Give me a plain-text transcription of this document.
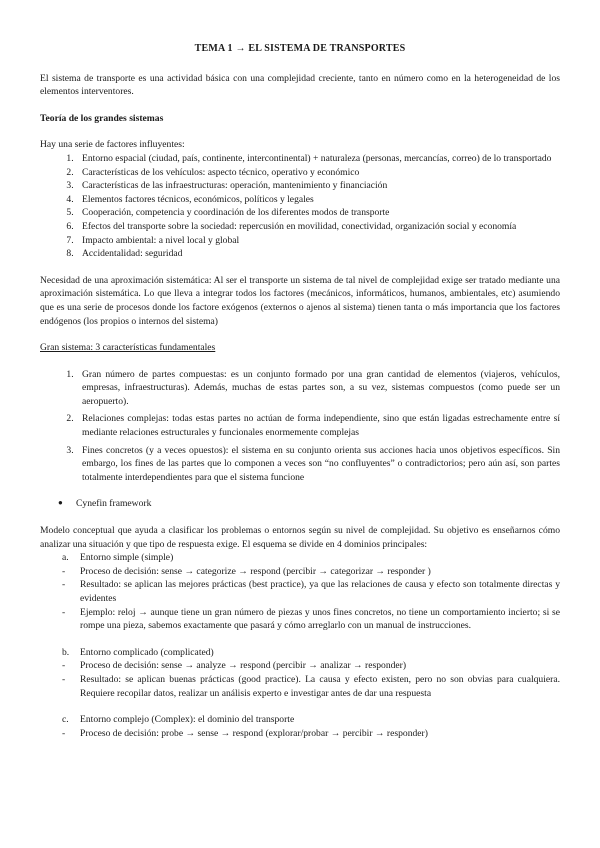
TEMA 1 → EL SISTEMA DE TRANSPORTES

El sistema de transporte es una actividad básica con una complejidad creciente, tanto en número como en la heterogeneidad de los elementos interventores.

Teoría de los grandes sistemas

Hay una serie de factores influyentes:

1. Entorno espacial (ciudad, país, continente, intercontinental) + naturaleza (personas, mercancías, correo) de lo transportado
2. Características de los vehículos: aspecto técnico, operativo y económico
3. Características de las infraestructuras: operación, mantenimiento y financiación
4. Elementos factores técnicos, económicos, políticos y legales
5. Cooperación, competencia y coordinación de los diferentes modos de transporte
6. Efectos del transporte sobre la sociedad: repercusión en movilidad, conectividad, organización social y economía
7. Impacto ambiental: a nivel local y global
8. Accidentalidad: seguridad

Necesidad de una aproximación sistemática: Al ser el transporte un sistema de tal nivel de complejidad exige ser tratado mediante una aproximación sistemática. Lo que lleva a integrar todos los factores (mecánicos, informáticos, humanos, ambientales, etc) asumiendo que es una serie de procesos donde los factore exógenos (externos o ajenos al sistema) tienen tanta o más importancia que los factores endógenos (los propios o internos del sistema)

Gran sistema: 3 características fundamentales

1. Gran número de partes compuestas: es un conjunto formado por una gran cantidad de elementos (viajeros, vehículos, empresas, infraestructuras). Además, muchas de estas partes son, a su vez, sistemas compuestos (como puede ser un aeropuerto).
2. Relaciones complejas: todas estas partes no actúan de forma independiente, sino que están ligadas estrechamente entre sí mediante relaciones estructurales y funcionales enormemente complejas
3. Fines concretos (y a veces opuestos): el sistema en su conjunto orienta sus acciones hacia unos objetivos específicos. Sin embargo, los fines de las partes que lo componen a veces son “no confluyentes” o contradictorios; pero aún así, son partes totalmente interdependientes para que el sistema funcione
● Cynefin framework

Modelo conceptual que ayuda a clasificar los problemas o entornos según su nivel de complejidad. Su objetivo es enseñarnos cómo analizar una situación y que tipo de respuesta exige. El esquema se divide en 4 dominios principales:

a. Entorno simple (simple)
- Proceso de decisión: sense → categorize → respond (percibir → categorizar → responder )
- Resultado: se aplican las mejores prácticas (best practice), ya que las relaciones de causa y efecto son totalmente directas y evidentes
- Ejemplo: reloj → aunque tiene un gran número de piezas y unos fines concretos, no tiene un comportamiento incierto; si se rompe una pieza, sabemos exactamente que pasará y cómo arreglarlo con un manual de instrucciones.
b. Entorno complicado (complicated)
- Proceso de decisión: sense → analyze → respond (percibir → analizar → responder)
- Resultado: se aplican buenas prácticas (good practice). La causa y efecto existen, pero no son obvias para cualquiera. Requiere recopilar datos, realizar un análisis experto e investigar antes de dar una respuesta
c. Entorno complejo (Complex): el dominio del transporte
- Proceso de decisión: probe → sense → respond (explorar/probar → percibir → responder)
